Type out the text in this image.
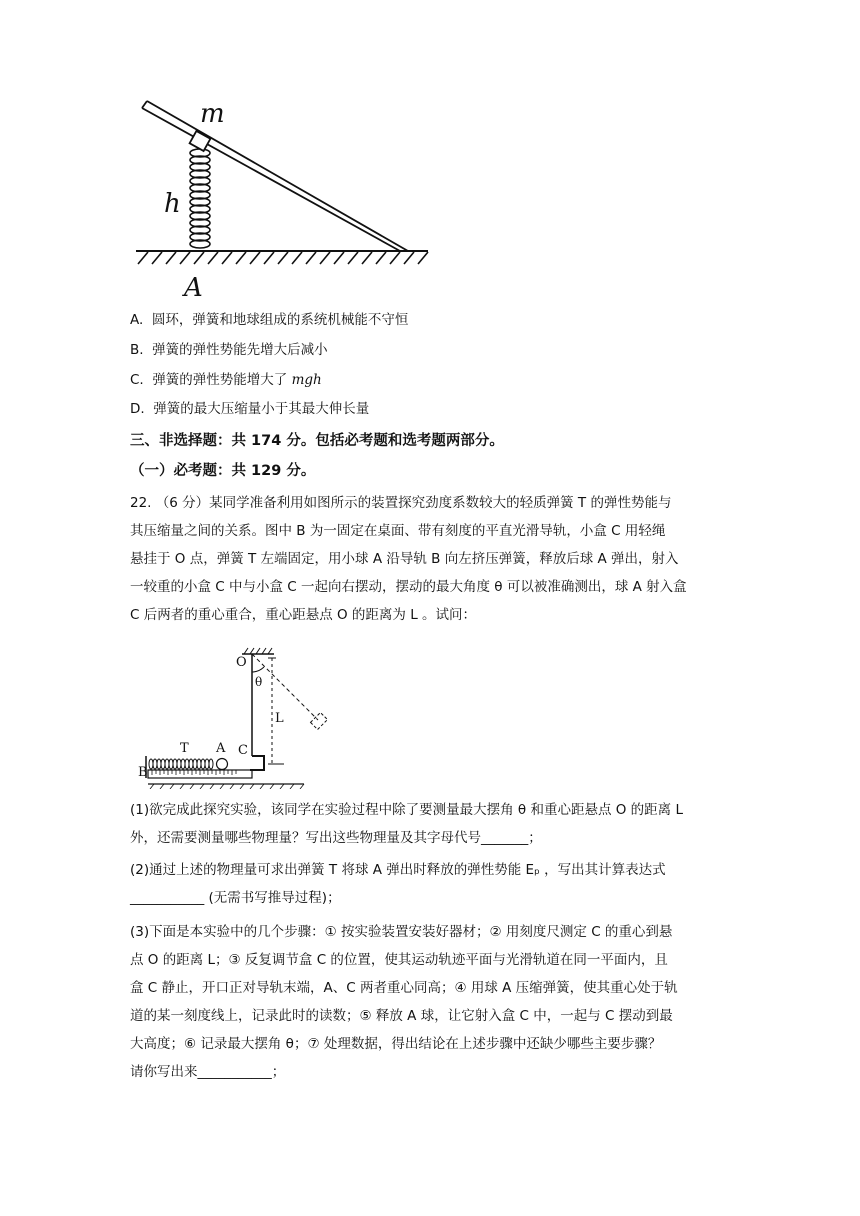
m
h
A
A. 圆环，弹簧和地球组成的系统机械能不守恒
B. 弹簧的弹性势能先增大后减小
C. 弹簧的弹性势能增大了 mgh
D. 弹簧的最大压缩量小于其最大伸长量
三、非选择题：共 174 分。包括必考题和选考题两部分。
（一）必考题：共 129 分。
22. （6 分）某同学准备利用如图所示的装置探究劲度系数较大的轻质弹簧 T 的弹性势能与
其压缩量之间的关系。图中 B 为一固定在桌面、带有刻度的平直光滑导轨，小盒 C 用轻绳
悬挂于 O 点，弹簧 T 左端固定，用小球 A 沿导轨 B 向左挤压弹簧，释放后球 A 弹出，射入
一较重的小盒 C 中与小盒 C 一起向右摆动，摆动的最大角度 θ 可以被准确测出，球 A 射入盒
C 后两者的重心重合，重心距悬点 O 的距离为 L 。试问：
O
θ
L
C
B
T A
(1)欲完成此探究实验，该同学在实验过程中除了要测量最大摆角 θ 和重心距悬点 O 的距离 L
外，还需要测量哪些物理量？写出这些物理量及其字母代号_______；
(2)通过上述的物理量可求出弹簧 T 将球 A 弹出时释放的弹性势能 Eₚ ，写出其计算表达式
___________ (无需书写推导过程)；
(3)下面是本实验中的几个步骤：① 按实验装置安装好器材；② 用刻度尺测定 C 的重心到悬
点 O 的距离 L；③ 反复调节盒 C 的位置，使其运动轨迹平面与光滑轨道在同一平面内，且
盒 C 静止，开口正对导轨末端，A、C 两者重心同高；④ 用球 A 压缩弹簧，使其重心处于轨
道的某一刻度线上，记录此时的读数；⑤ 释放 A 球，让它射入盒 C 中，一起与 C 摆动到最
大高度；⑥ 记录最大摆角 θ；⑦ 处理数据，得出结论在上述步骤中还缺少哪些主要步骤？
请你写出来___________；
